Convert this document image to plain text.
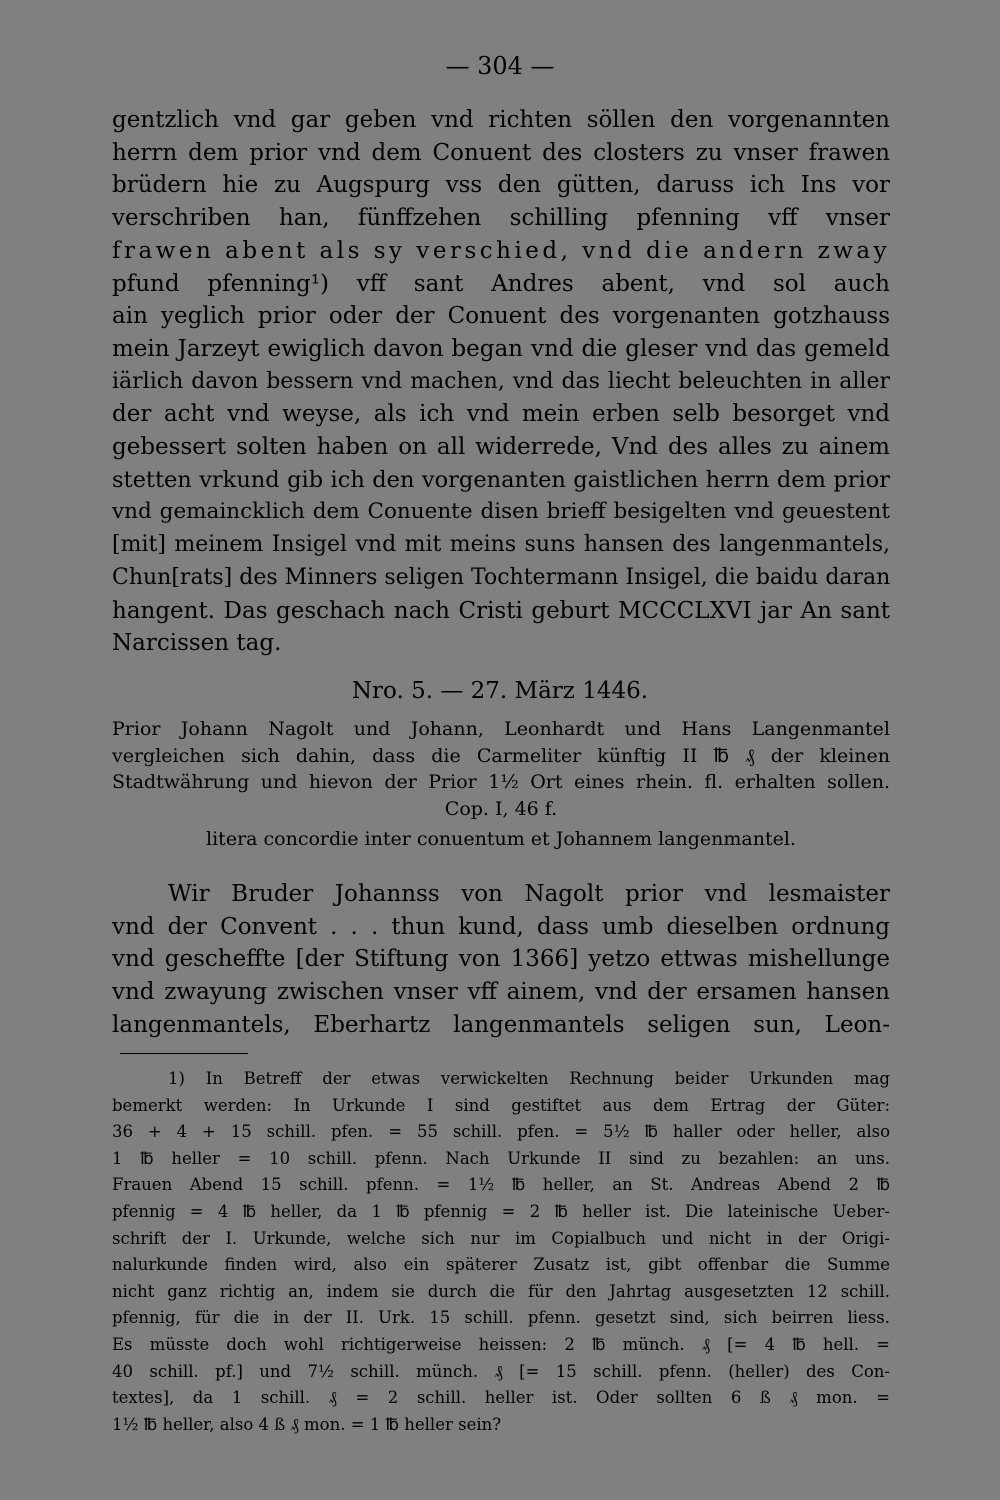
— 304 —
gentzlich vnd gar geben vnd richten söllen den vorgenannten
herrn dem prior vnd dem Conuent des closters zu vnser frawen
brüdern hie zu Augspurg vss den gütten, daruss ich Ins vor
verschriben han, fünffzehen schilling pfenning vff vnser
frawen abent als sy verschied, vnd die andern zway
pfund pfenning¹) vff sant Andres abent, vnd sol auch
ain yeglich prior oder der Conuent des vorgenanten gotzhauss
mein Jarzeyt ewiglich davon began vnd die gleser vnd das gemeld
iärlich davon bessern vnd machen, vnd das liecht beleuchten in aller
der acht vnd weyse, als ich vnd mein erben selb besorget vnd
gebessert solten haben on all widerrede, Vnd des alles zu ainem
stetten vrkund gib ich den vorgenanten gaistlichen herrn dem prior
vnd gemaincklich dem Conuente disen brieff besigelten vnd geuestent
[mit] meinem Insigel vnd mit meins suns hansen des langenmantels,
Chun[rats] des Minners seligen Tochtermann Insigel, die baidu daran
hangent. Das geschach nach Cristi geburt MCCCLXVI jar An sant
Narcissen tag.
Nro. 5. — 27. März 1446.
Prior Johann Nagolt und Johann, Leonhardt und Hans Langenmantel
vergleichen sich dahin, dass die Carmeliter künftig II ℔ ₰ der kleinen
Stadtwährung und hievon der Prior 1½ Ort eines rhein. fl. erhalten sollen.
Cop. I, 46 f.
litera concordie inter conuentum et Johannem langenmantel.
Wir Bruder Johannss von Nagolt prior vnd lesmaister
vnd der Convent . . . thun kund, dass umb dieselben ordnung
vnd gescheffte [der Stiftung von 1366] yetzo ettwas mishellunge
vnd zwayung zwischen vnser vff ainem, vnd der ersamen hansen
langenmantels, Eberhartz langenmantels seligen sun, Leon-
1) In Betreff der etwas verwickelten Rechnung beider Urkunden mag
bemerkt werden: In Urkunde I sind gestiftet aus dem Ertrag der Güter:
36 + 4 + 15 schill. pfen. = 55 schill. pfen. = 5½ ℔ haller oder heller, also
1 ℔ heller = 10 schill. pfenn. Nach Urkunde II sind zu bezahlen: an uns.
Frauen Abend 15 schill. pfenn. = 1½ ℔ heller, an St. Andreas Abend 2 ℔
pfennig = 4 ℔ heller, da 1 ℔ pfennig = 2 ℔ heller ist. Die lateinische Ueber-
schrift der I. Urkunde, welche sich nur im Copialbuch und nicht in der Origi-
nalurkunde finden wird, also ein späterer Zusatz ist, gibt offenbar die Summe
nicht ganz richtig an, indem sie durch die für den Jahrtag ausgesetzten 12 schill.
pfennig, für die in der II. Urk. 15 schill. pfenn. gesetzt sind, sich beirren liess.
Es müsste doch wohl richtigerweise heissen: 2 ℔ münch. ₰ [= 4 ℔ hell. =
40 schill. pf.] und 7½ schill. münch. ₰ [= 15 schill. pfenn. (heller) des Con-
textes], da 1 schill. ₰ = 2 schill. heller ist. Oder sollten 6 ß ₰ mon. =
1½ ℔ heller, also 4 ß ₰ mon. = 1 ℔ heller sein?
